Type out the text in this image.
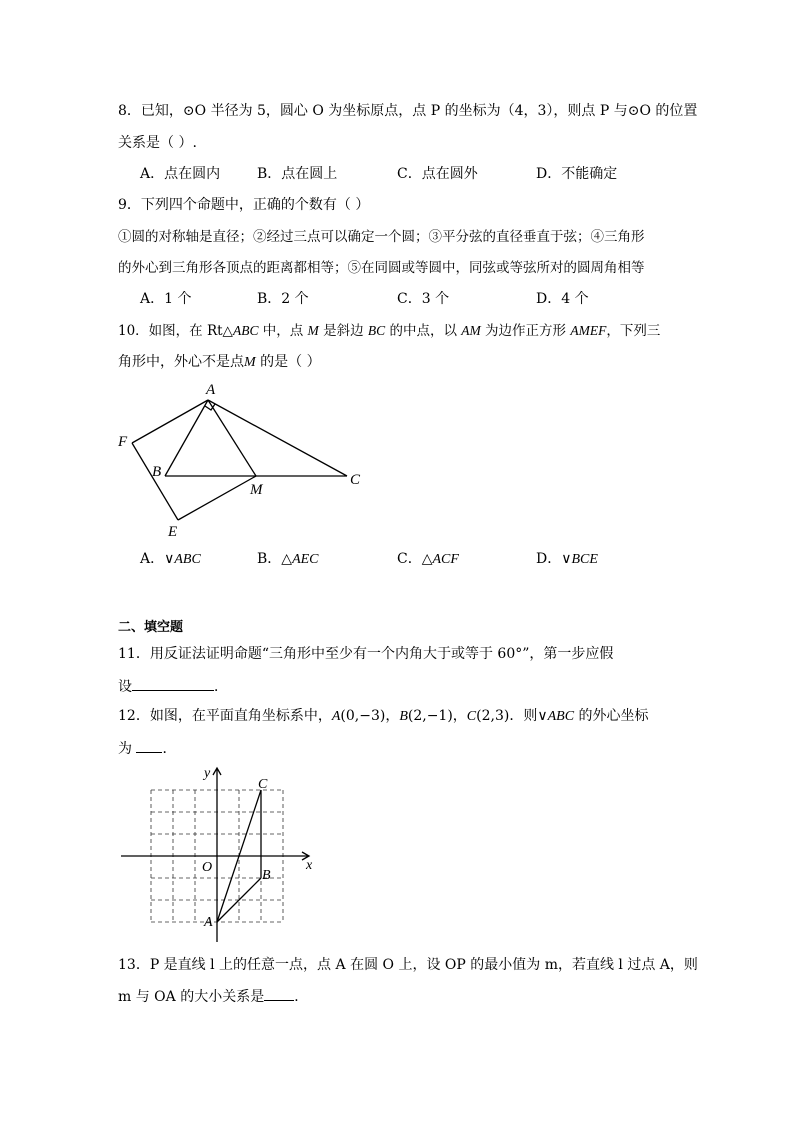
8．已知，⊙O 半径为 5，圆心 O 为坐标原点，点 P 的坐标为（4，3），则点 P 与⊙O 的位置
关系是（ ）.
A．点在圆内	B．点在圆上	C．点在圆外	D．不能确定
9．下列四个命题中，正确的个数有（ ）
①圆的对称轴是直径；②经过三点可以确定一个圆；③平分弦的直径垂直于弦；④三角形
的外心到三角形各顶点的距离都相等；⑤在同圆或等圆中，同弦或等弦所对的圆周角相等
A．1 个	B．2 个	C．3 个	D．4 个
10．如图，在 Rt△ABC 中，点 M 是斜边 BC 的中点，以 AM 为边作正方形 AMEF，下列三
角形中，外心不是点M 的是（ ）
A
F
B
M
C
E
A．∨ABC	B．△AEC	C．△ACF	D．∨BCE
二、填空题
11．用反证法证明命题“三角形中至少有一个内角大于或等于 60°”，第一步应假
设	．
12．如图，在平面直角坐标系中，A(0,−3)，B(2,−1)，C(2,3)．则∨ABC 的外心坐标
为 ．
y
x
O
C
B
A
13．P 是直线 l 上的任意一点，点 A 在圆 O 上，设 OP 的最小值为 m，若直线 l 过点 A，则
m 与 OA 的大小关系是 ．
